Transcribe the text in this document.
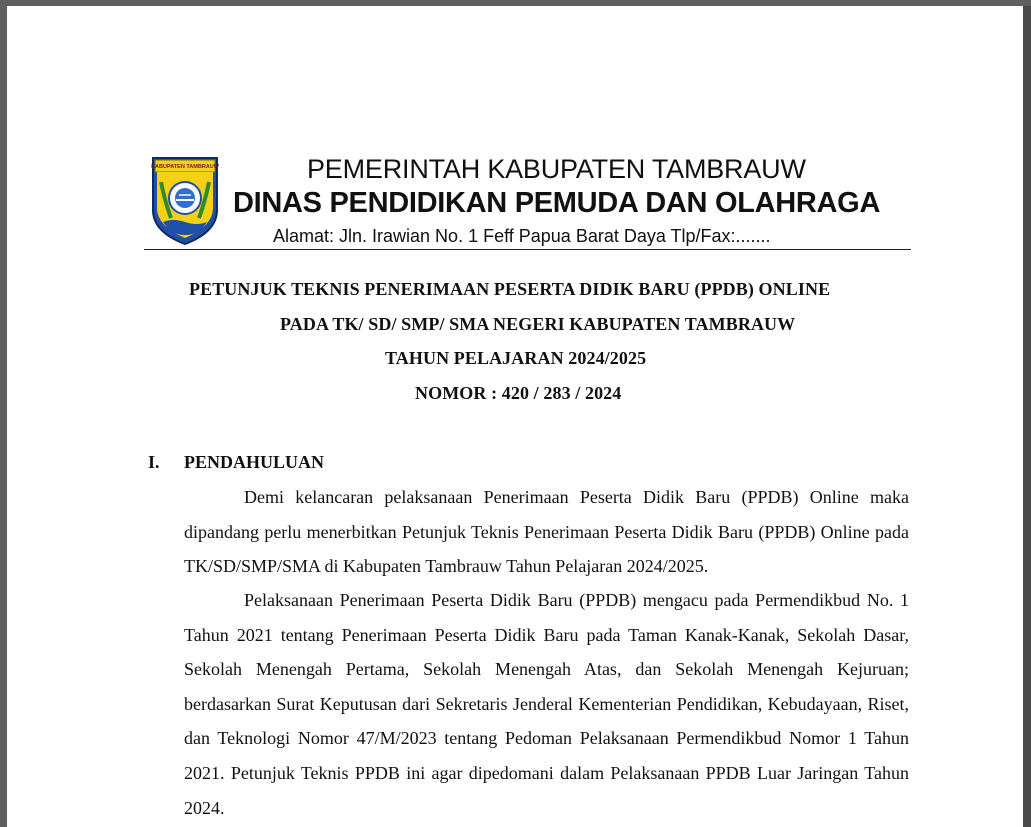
KABUPATEN TAMBRAUW	PEMERINTAH KABUPATEN TAMBRAUW
DINAS PENDIDIKAN PEMUDA DAN OLAHRAGA
Alamat: Jln. Irawian No. 1 Feff Papua Barat Daya Tlp/Fax:.......
PETUNJUK TEKNIS PENERIMAAN PESERTA DIDIK BARU (PPDB) ONLINE
PADA TK/ SD/ SMP/ SMA NEGERI KABUPATEN TAMBRAUW
TAHUN PELAJARAN 2024/2025
NOMOR : 420 / 283 / 2024
I. PENDAHULUAN

Demi kelancaran pelaksanaan Penerimaan Peserta Didik Baru (PPDB) Online maka dipandang perlu menerbitkan Petunjuk Teknis Penerimaan Peserta Didik Baru (PPDB) Online pada TK/SD/SMP/SMA di Kabupaten Tambrauw Tahun Pelajaran 2024/2025.

Pelaksanaan Penerimaan Peserta Didik Baru (PPDB) mengacu pada Permendikbud No. 1 Tahun 2021 tentang Penerimaan Peserta Didik Baru pada Taman Kanak-Kanak, Sekolah Dasar, Sekolah Menengah Pertama, Sekolah Menengah Atas, dan Sekolah Menengah Kejuruan; berdasarkan Surat Keputusan dari Sekretaris Jenderal Kementerian Pendidikan, Kebudayaan, Riset, dan Teknologi Nomor 47/M/2023 tentang Pedoman Pelaksanaan Permendikbud Nomor 1 Tahun 2021. Petunjuk Teknis PPDB ini agar dipedomani dalam Pelaksanaan PPDB Luar Jaringan Tahun 2024.
